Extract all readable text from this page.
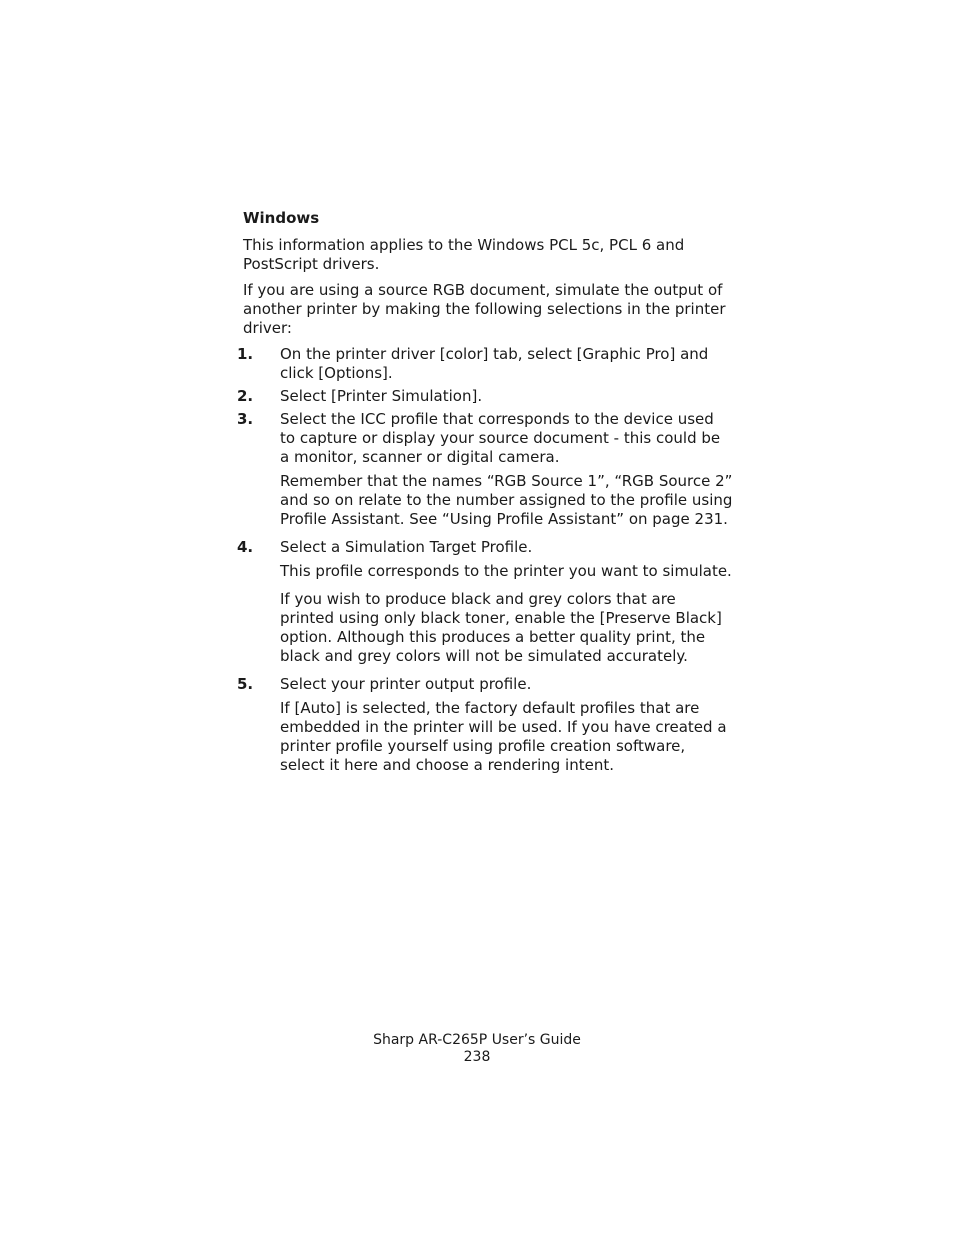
Windows

This information applies to the Windows PCL 5c, PCL 6 and PostScript drivers.

If you are using a source RGB document, simulate the output of another printer by making the following selections in the printer driver:

1. On the printer driver [color] tab, select [Graphic Pro] and click [Options].

2. Select [Printer Simulation].

3. Select the ICC profile that corresponds to the device used to capture or display your source document - this could be a monitor, scanner or digital camera.

Remember that the names “RGB Source 1”, “RGB Source 2” and so on relate to the number assigned to the profile using Profile Assistant. See “Using Profile Assistant” on page 231.

4. Select a Simulation Target Profile.

This profile corresponds to the printer you want to simulate.

If you wish to produce black and grey colors that are printed using only black toner, enable the [Preserve Black] option. Although this produces a better quality print, the black and grey colors will not be simulated accurately.

5. Select your printer output profile.

If [Auto] is selected, the factory default profiles that are embedded in the printer will be used. If you have created a printer profile yourself using profile creation software, select it here and choose a rendering intent.

Sharp AR-C265P User’s Guide
238
